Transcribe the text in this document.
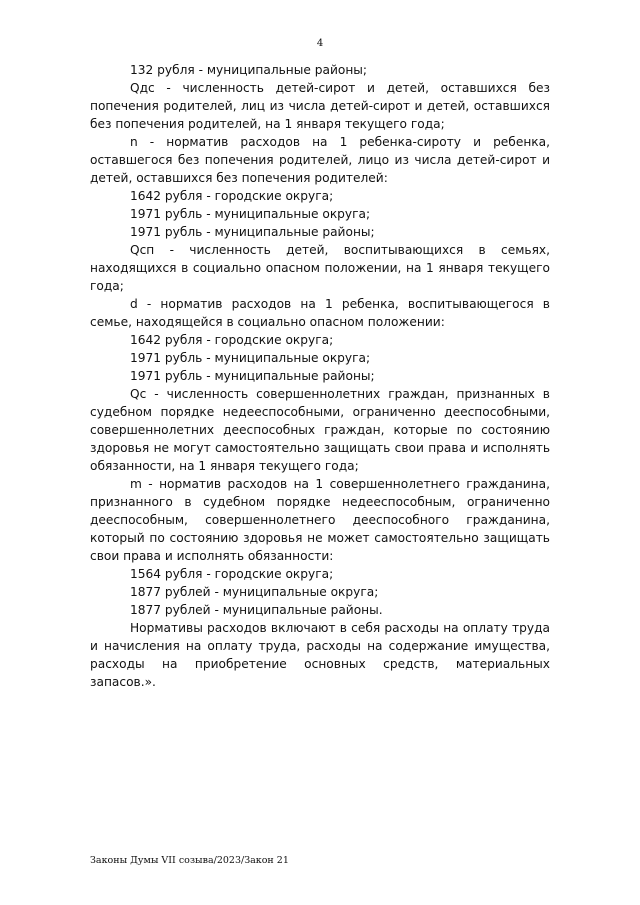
4

132 рубля - муниципальные районы;

Qдс - численность детей-сирот и детей, оставшихся без попечения родителей, лиц из числа детей-сирот и детей, оставшихся без попечения родителей, на 1 января текущего года;

n - норматив расходов на 1 ребенка-сироту и ребенка, оставшегося без попечения родителей, лицо из числа детей-сирот и детей, оставшихся без попечения родителей:

1642 рубля - городские округа;

1971 рубль - муниципальные округа;

1971 рубль - муниципальные районы;

Qсп - численность детей, воспитывающихся в семьях, находящихся в социально опасном положении, на 1 января текущего года;

d - норматив расходов на 1 ребенка, воспитывающегося в семье, находящейся в социально опасном положении:

1642 рубля - городские округа;

1971 рубль - муниципальные округа;

1971 рубль - муниципальные районы;

Qс - численность совершеннолетних граждан, признанных в судебном порядке недееспособными, ограниченно дееспособными, совершеннолетних дееспособных граждан, которые по состоянию здоровья не могут самостоятельно защищать свои права и исполнять обязанности, на 1 января текущего года;

m - норматив расходов на 1 совершеннолетнего гражданина, признанного в судебном порядке недееспособным, ограниченно дееспособным, совершеннолетнего дееспособного гражданина, который по состоянию здоровья не может самостоятельно защищать свои права и исполнять обязанности:

1564 рубля - городские округа;

1877 рублей - муниципальные округа;

1877 рублей - муниципальные районы.

Нормативы расходов включают в себя расходы на оплату труда и начисления на оплату труда, расходы на содержание имущества, расходы на приобретение основных средств, материальных запасов.».

Законы Думы VII созыва/2023/Закон 21
